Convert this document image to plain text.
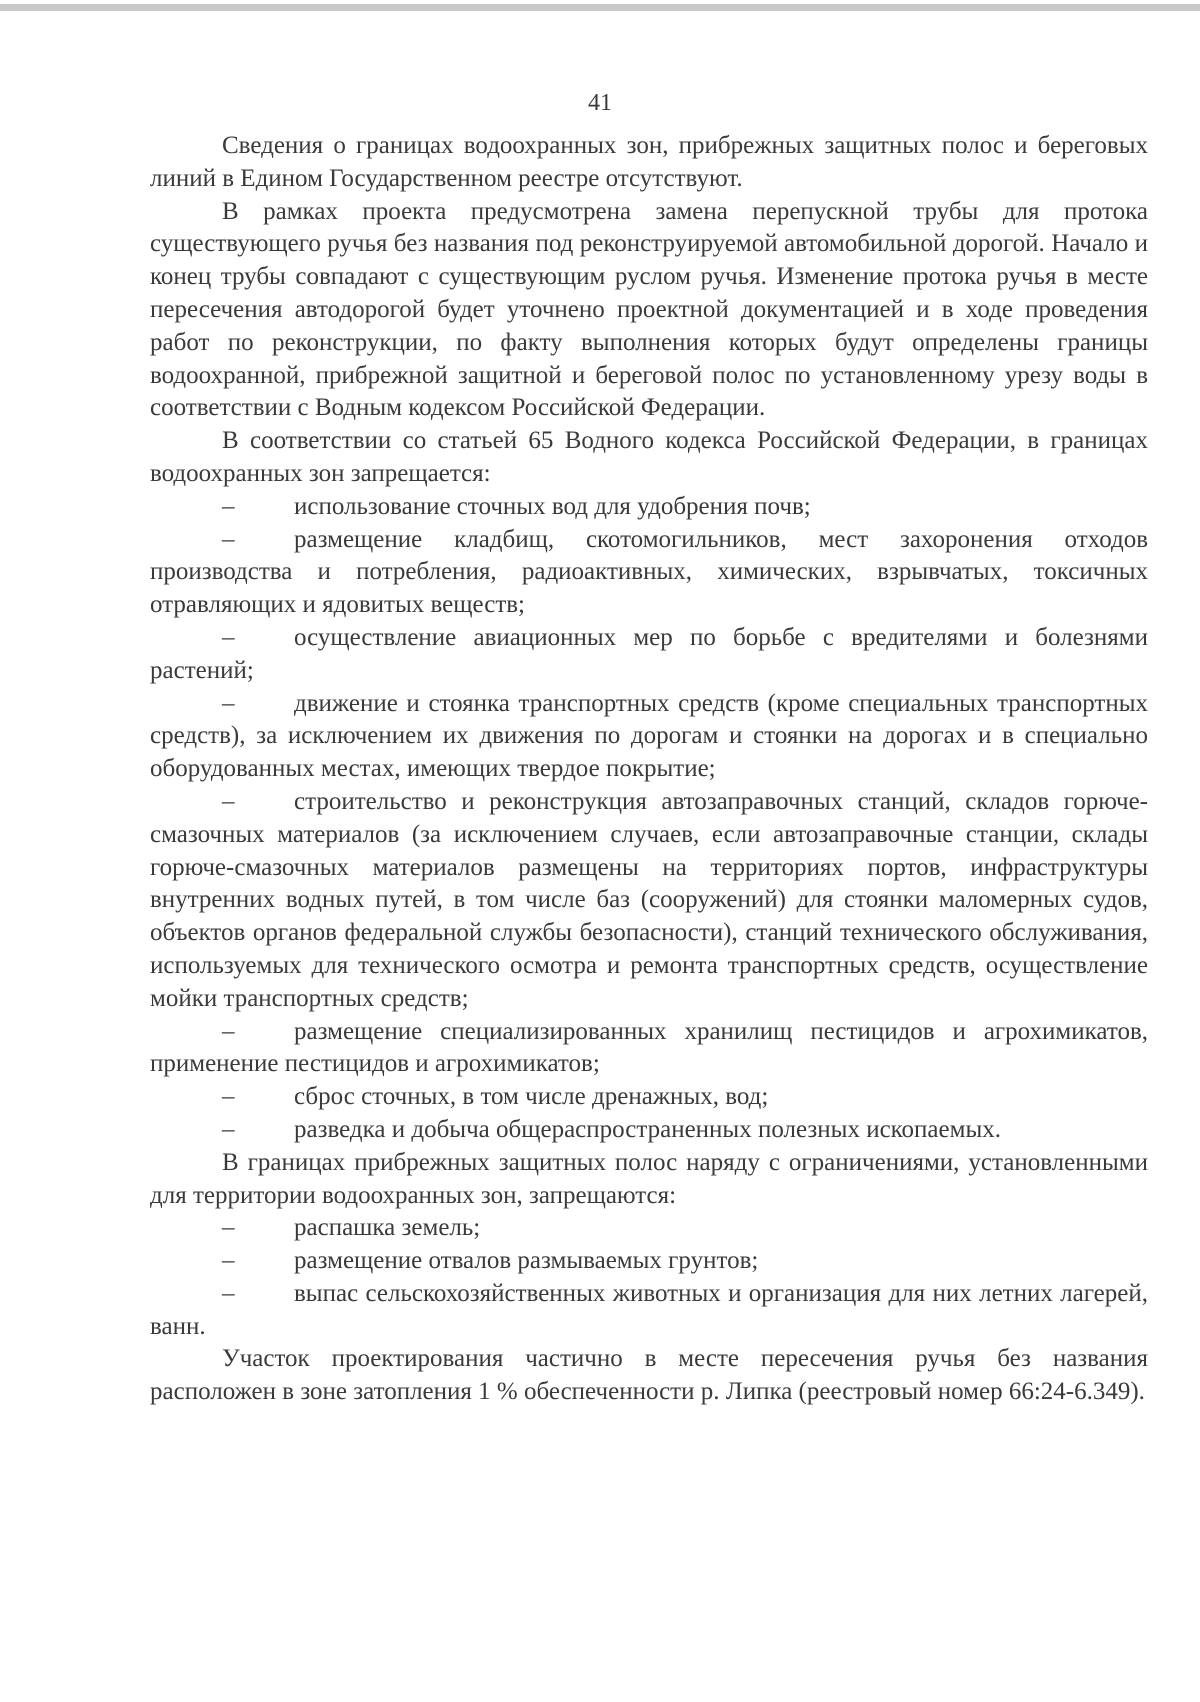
41

Сведения о границах водоохранных зон, прибрежных защитных полос и береговых линий в Едином Государственном реестре отсутствуют.

В рамках проекта предусмотрена замена перепускной трубы для протока существующего ручья без названия под реконструируемой автомобильной дорогой. Начало и конец трубы совпадают с существующим руслом ручья. Изменение протока ручья в месте пересечения автодорогой будет уточнено проектной документацией и в ходе проведения работ по реконструкции, по факту выполнения которых будут определены границы водоохранной, прибрежной защитной и береговой полос по установленному урезу воды в соответствии с Водным кодексом Российской Федерации.

В соответствии со статьей 65 Водного кодекса Российской Федерации, в границах водоохранных зон запрещается:

– использование сточных вод для удобрения почв;

– размещение кладбищ, скотомогильников, мест захоронения отходов производства и потребления, радиоактивных, химических, взрывчатых, токсичных отравляющих и ядовитых веществ;

– осуществление авиационных мер по борьбе с вредителями и болезнями растений;

– движение и стоянка транспортных средств (кроме специальных транспортных средств), за исключением их движения по дорогам и стоянки на дорогах и в специально оборудованных местах, имеющих твердое покрытие;

– строительство и реконструкция автозаправочных станций, складов горюче-смазочных материалов (за исключением случаев, если автозаправочные станции, склады горюче-смазочных материалов размещены на территориях портов, инфраструктуры внутренних водных путей, в том числе баз (сооружений) для стоянки маломерных судов, объектов органов федеральной службы безопасности), станций технического обслуживания, используемых для технического осмотра и ремонта транспортных средств, осуществление мойки транспортных средств;

– размещение специализированных хранилищ пестицидов и агрохимикатов, применение пестицидов и агрохимикатов;

– сброс сточных, в том числе дренажных, вод;

– разведка и добыча общераспространенных полезных ископаемых.

В границах прибрежных защитных полос наряду с ограничениями, установленными для территории водоохранных зон, запрещаются:

– распашка земель;

– размещение отвалов размываемых грунтов;

– выпас сельскохозяйственных животных и организация для них летних лагерей, ванн.

Участок проектирования частично в месте пересечения ручья без названия расположен в зоне затопления 1 % обеспеченности р. Липка (реестровый номер 66:24-6.349).
